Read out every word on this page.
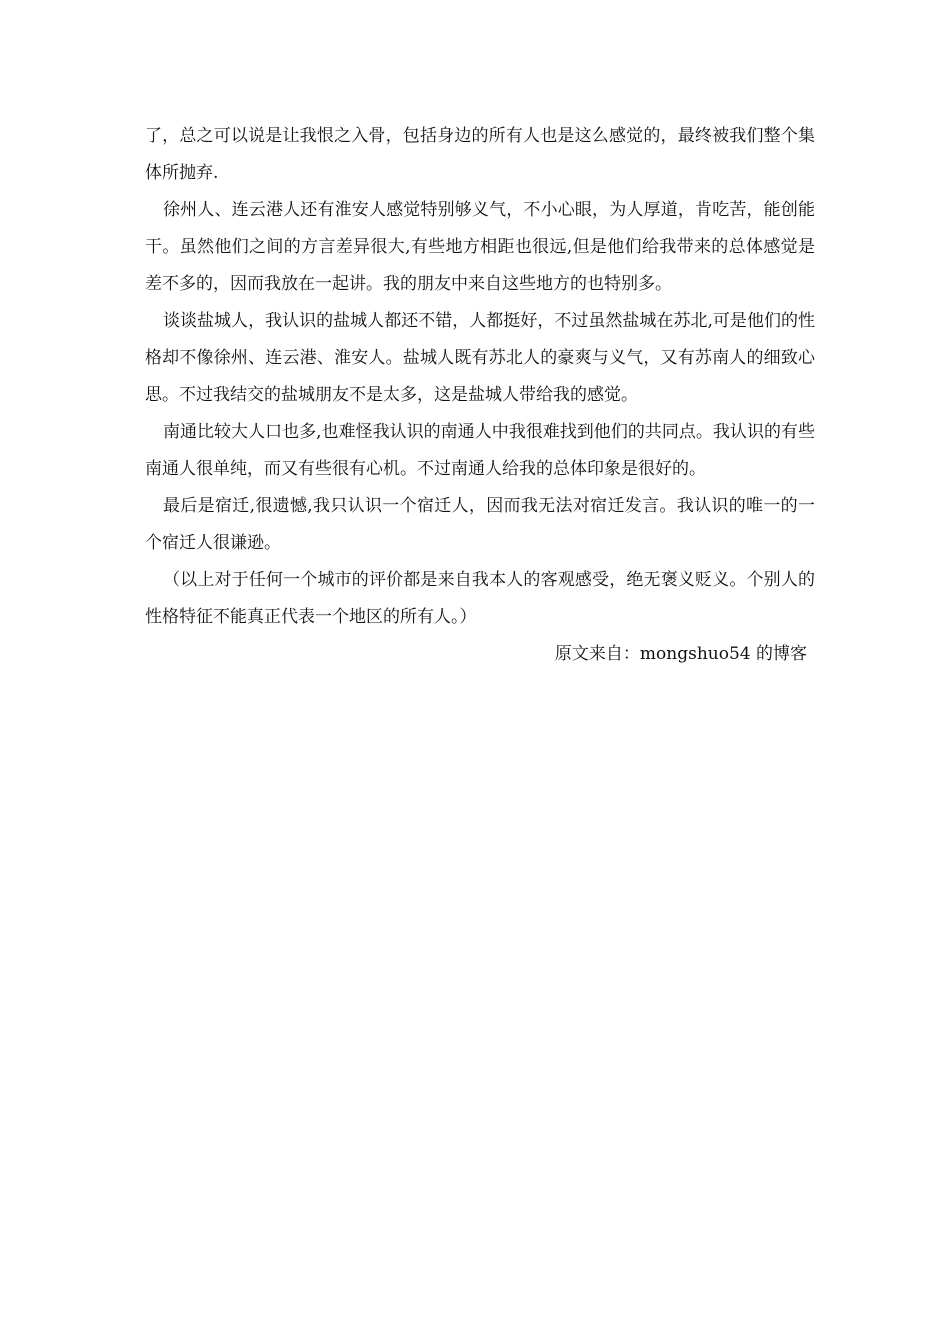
了，总之可以说是让我恨之入骨，包括身边的所有人也是这么感觉的，最终被我们整个集体所抛弃.

徐州人、连云港人还有淮安人感觉特别够义气，不小心眼，为人厚道，肯吃苦，能创能干。虽然他们之间的方言差异很大,有些地方相距也很远,但是他们给我带来的总体感觉是差不多的，因而我放在一起讲。我的朋友中来自这些地方的也特别多。

谈谈盐城人，我认识的盐城人都还不错，人都挺好，不过虽然盐城在苏北,可是他们的性格却不像徐州、连云港、淮安人。盐城人既有苏北人的豪爽与义气，又有苏南人的细致心思。不过我结交的盐城朋友不是太多，这是盐城人带给我的感觉。

南通比较大人口也多,也难怪我认识的南通人中我很难找到他们的共同点。我认识的有些南通人很单纯，而又有些很有心机。不过南通人给我的总体印象是很好的。

最后是宿迁,很遗憾,我只认识一个宿迁人，因而我无法对宿迁发言。我认识的唯一的一个宿迁人很谦逊。

（以上对于任何一个城市的评价都是来自我本人的客观感受，绝无褒义贬义。个别人的性格特征不能真正代表一个地区的所有人。）

原文来自：mongshuo54 的博客
